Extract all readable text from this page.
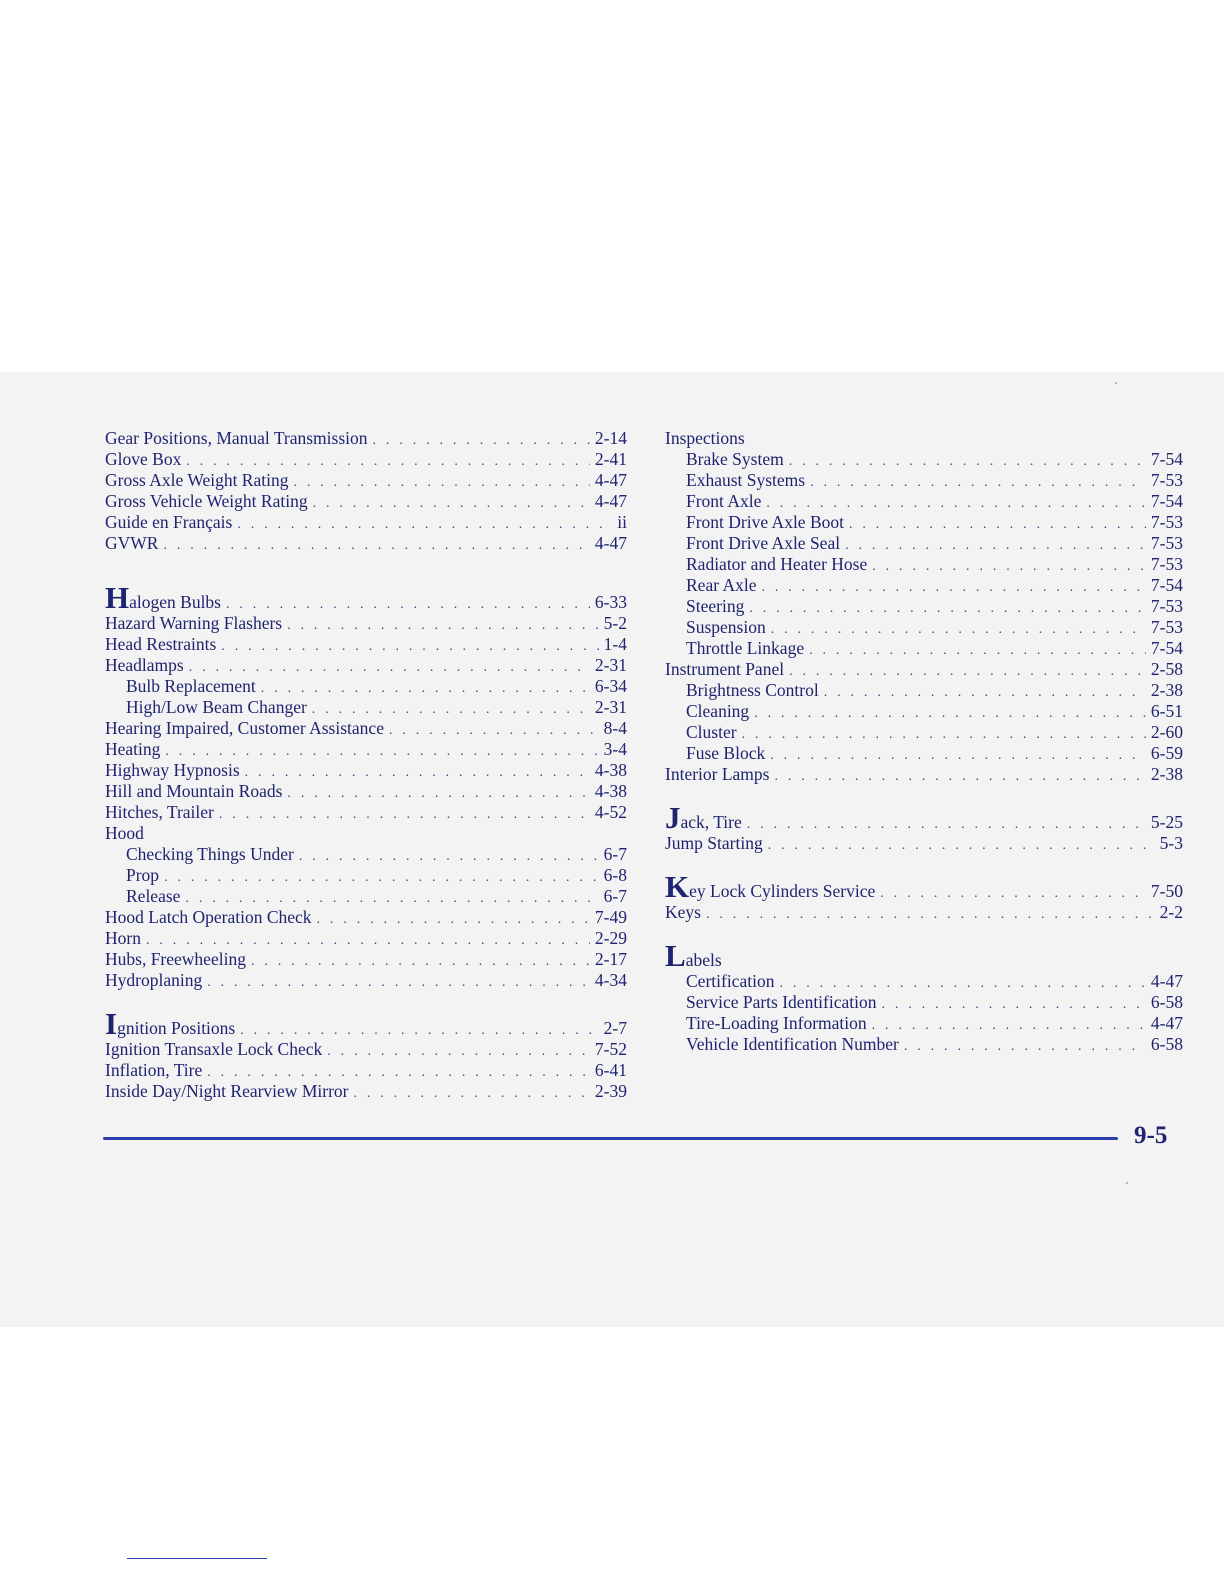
Gear Positions, Manual Transmission . . .	2-14
Glove Box . . .	2-41
Gross Axle Weight Rating . . .	4-47
Gross Vehicle Weight Rating . . .	4-47
Guide en Français . . .	ii
GVWR . . .	4-47
Halogen Bulbs . . .	6-33
Hazard Warning Flashers . . .	5-2
Head Restraints . . .	1-4
Headlamps . . .	2-31
Bulb Replacement . . .	6-34
High/Low Beam Changer . . .	2-31
Hearing Impaired, Customer Assistance . . .	8-4
Heating . . .	3-4
Highway Hypnosis . . .	4-38
Hill and Mountain Roads . . .	4-38
Hitches, Trailer . . .	4-52
Hood
Checking Things Under . . .	6-7
Prop . . .	6-8
Release . . .	6-7
Hood Latch Operation Check . . .	7-49
Horn . . .	2-29
Hubs, Freewheeling . . .	2-17
Hydroplaning . . .	4-34
Ignition Positions . . .	2-7
Ignition Transaxle Lock Check . . .	7-52
Inflation, Tire . . .	6-41
Inside Day/Night Rearview Mirror . . .	2-39
Inspections
Brake System . . .	7-54
Exhaust Systems . . .	7-53
Front Axle . . .	7-54
Front Drive Axle Boot . . .	7-53
Front Drive Axle Seal . . .	7-53
Radiator and Heater Hose . . .	7-53
Rear Axle . . .	7-54
Steering . . .	7-53
Suspension . . .	7-53
Throttle Linkage . . .	7-54
Instrument Panel . . .	2-58
Brightness Control . . .	2-38
Cleaning . . .	6-51
Cluster . . .	2-60
Fuse Block . . .	6-59
Interior Lamps . . .	2-38
Jack, Tire . . .	5-25
Jump Starting . . .	5-3
Key Lock Cylinders Service . . .	7-50
Keys . . .	2-2
Labels
Certification . . .	4-47
Service Parts Identification . . .	6-58
Tire-Loading Information . . .	4-47
Vehicle Identification Number . . .	6-58
9-5
